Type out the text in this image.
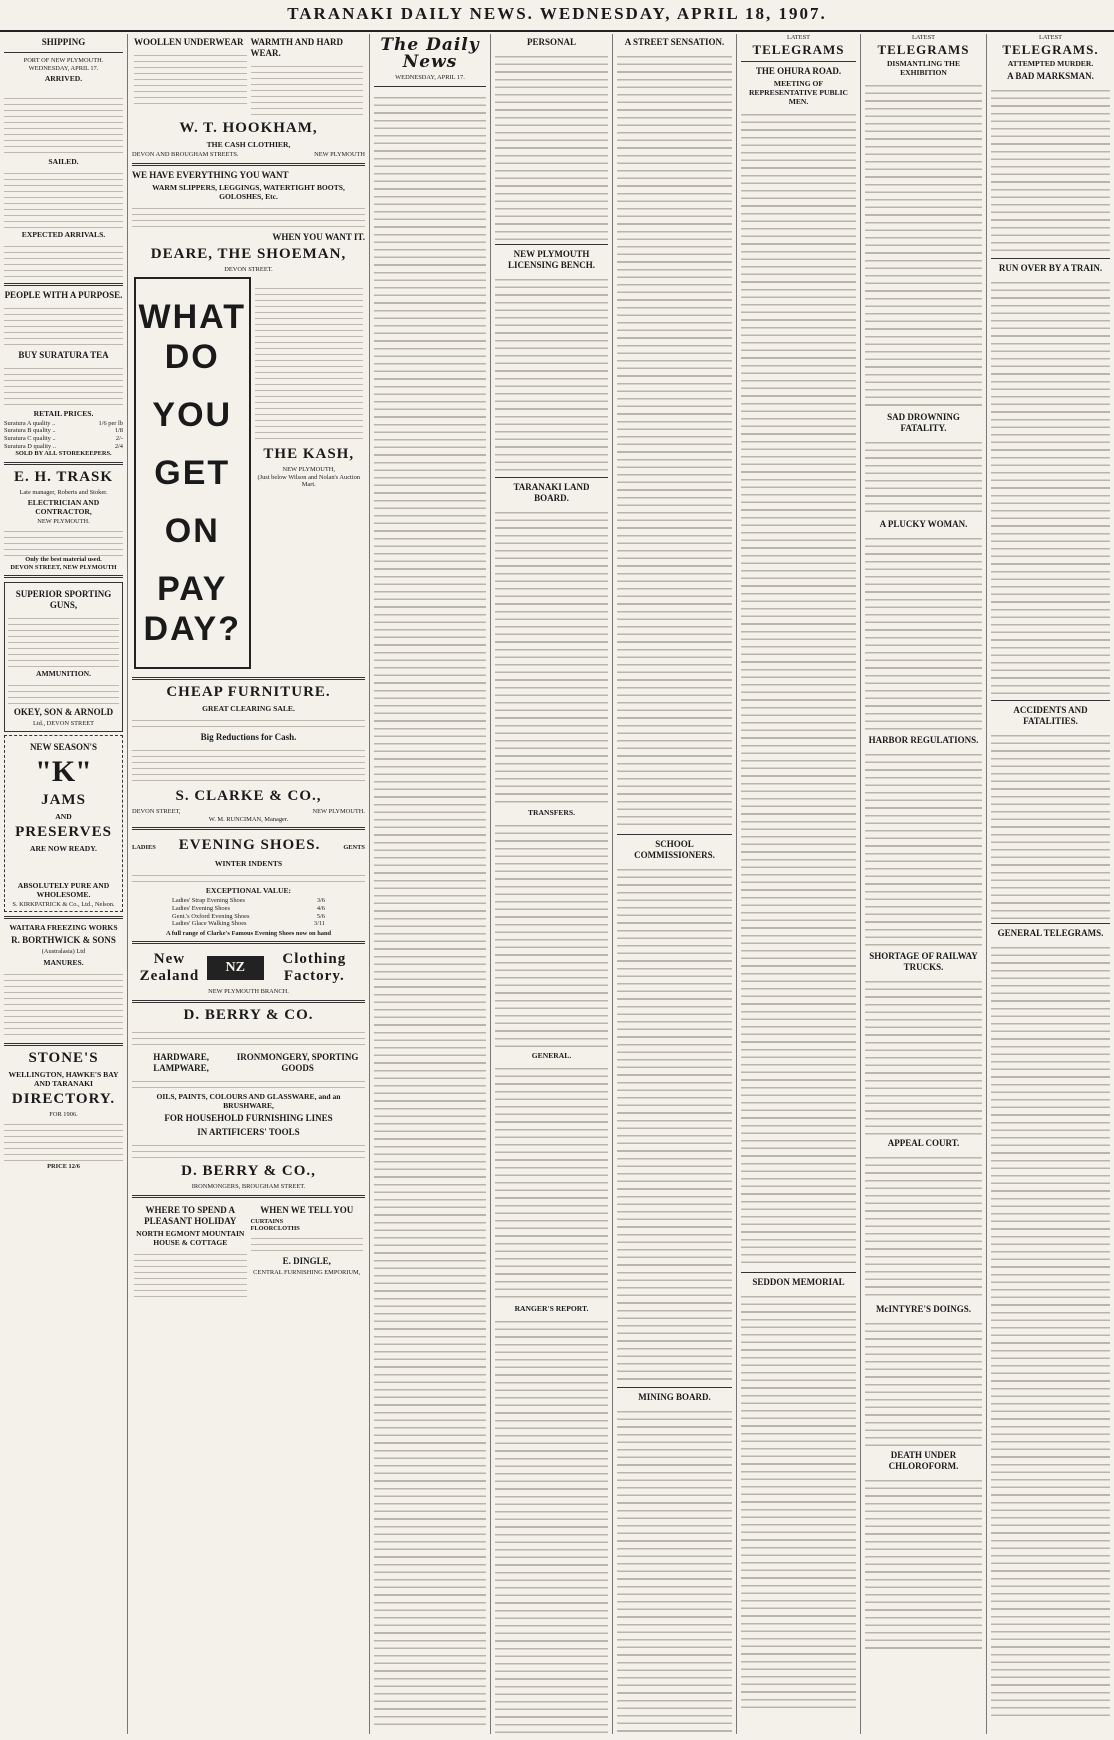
TARANAKI DAILY NEWS. WEDNESDAY, APRIL 18, 1907.
SHIPPING
PORT OF NEW PLYMOUTH.
WEDNESDAY, APRIL 17.
ARRIVED.
SAILED.
EXPECTED ARRIVALS.
PEOPLE WITH A PURPOSE.
BUY SURATURA TEA
RETAIL PRICES.
Suratura A quality ..	1/6 per lb
Suratura B quality ..	1/8
Suratura C quality ..	2/-
Suratura D quality ..	2/4
SOLD BY ALL STOREKEEPERS.
E. H. TRASK
Late manager, Roberts and Stoker.
ELECTRICIAN AND CONTRACTOR,
NEW PLYMOUTH.
Only the best material used.
DEVON STREET, NEW PLYMOUTH
SUPERIOR SPORTING GUNS,
AMMUNITION.
OKEY, SON & ARNOLD
Ltd., DEVON STREET
NEW SEASON'S
"K"
JAMS
AND
PRESERVES
ARE NOW READY.
ABSOLUTELY PURE AND WHOLESOME.
S. KIRKPATRICK & Co., Ltd., Nelson.
WAITARA FREEZING WORKS
R. BORTHWICK & SONS
(Australasia) Ltd
MANURES.
STONE'S
WELLINGTON, HAWKE'S BAY AND TARANAKI
DIRECTORY.
FOR 1906.
PRICE 12/6
WOOLLEN UNDERWEAR WARMTH AND HARD WEAR.
W. T. HOOKHAM,
THE CASH CLOTHIER,
DEVON AND BROUGHAM STREETS.	NEW PLYMOUTH
WE HAVE EVERYTHING YOU WANT
WARM SLIPPERS, LEGGINGS, WATERTIGHT BOOTS, GOLOSHES, Etc.
WHEN YOU WANT IT.
DEARE, THE SHOEMAN,
DEVON STREET.
WHAT DO
YOU
GET
ON
PAY DAY?
THE KASH,
NEW PLYMOUTH,
(Just below Wilson and Nolan's Auction Mart.
CHEAP FURNITURE.
GREAT CLEARING SALE.
Big Reductions for Cash.
S. CLARKE & CO.,
DEVON STREET,	NEW PLYMOUTH.
W. M. RUNCIMAN, Manager.
LADIES EVENING SHOES.	GENTS
WINTER INDENTS
EXCEPTIONAL VALUE:
Ladies' Strap Evening Shoes	3/6
Ladies' Evening Shoes	4/6
Gent.'s Oxford Evening Shoes	5/6
Ladies' Glace Walking Shoes	3/11
A full range of Clarke's Famous Evening Shoes now on hand
New Zealand
NZ
Clothing Factory.
NEW PLYMOUTH BRANCH.
D. BERRY & CO.
HARDWARE, LAMPWARE,
IRONMONGERY, SPORTING GOODS
OILS, PAINTS, COLOURS AND GLASSWARE, and an BRUSHWARE,
FOR HOUSEHOLD FURNISHING LINES
IN ARTIFICERS' TOOLS
D. BERRY & CO.,
IRONMONGERS, BROUGHAM STREET.
WHERE TO SPEND A PLEASANT HOLIDAY
NORTH EGMONT MOUNTAIN HOUSE & COTTAGE
WHEN WE TELL YOU
CURTAINS
FLOORCLOTHS
E. DINGLE,
CENTRAL FURNISHING EMPORIUM,
The Daily News
WEDNESDAY, APRIL 17.
PERSONAL
NEW PLYMOUTH LICENSING BENCH.
TARANAKI LAND BOARD.
TRANSFERS.
GENERAL.
RANGER'S REPORT.
A STREET SENSATION.
SCHOOL COMMISSIONERS.
MINING BOARD.
LATEST
TELEGRAMS
THE OHURA ROAD.
MEETING OF REPRESENTATIVE PUBLIC MEN.
SEDDON MEMORIAL
LATEST
TELEGRAMS
DISMANTLING THE EXHIBITION
SAD DROWNING FATALITY.
A PLUCKY WOMAN.
HARBOR REGULATIONS.
SHORTAGE OF RAILWAY TRUCKS.
APPEAL COURT.
McINTYRE'S DOINGS.
DEATH UNDER CHLOROFORM.
LATEST
TELEGRAMS.
ATTEMPTED MURDER.
A BAD MARKSMAN.
RUN OVER BY A TRAIN.
ACCIDENTS AND FATALITIES.
GENERAL TELEGRAMS.
